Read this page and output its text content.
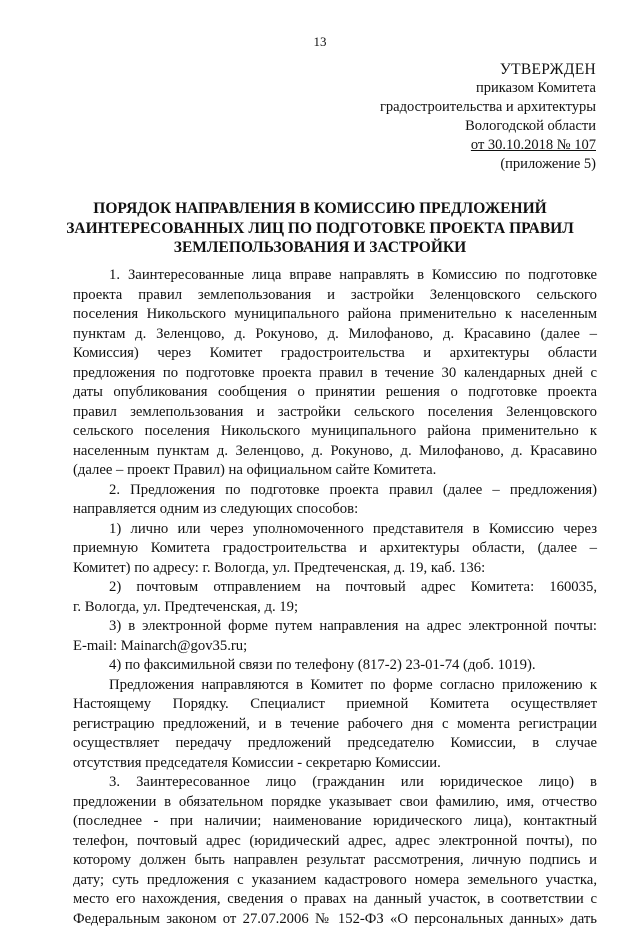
13
УТВЕРЖДЕН
приказом Комитета
градостроительства и архитектуры
Вологодской области
от 30.10.2018 № 107
(приложение 5)
ПОРЯДОК НАПРАВЛЕНИЯ В КОМИССИЮ ПРЕДЛОЖЕНИЙ
ЗАИНТЕРЕСОВАННЫХ ЛИЦ ПО ПОДГОТОВКЕ ПРОЕКТА ПРАВИЛ
ЗЕМЛЕПОЛЬЗОВАНИЯ И ЗАСТРОЙКИ

1. Заинтересованные лица вправе направлять в Комиссию по подготовке

проекта правил землепользования и застройки Зеленцовского сельского

поселения Никольского муниципального района применительно к населенным

пунктам д. Зеленцово, д. Рокуново, д. Милофаново, д. Красавино (далее –

Комиссия) через Комитет градостроительства и архитектуры области

предложения по подготовке проекта правил в течение 30 календарных дней с

даты опубликования сообщения о принятии решения о подготовке проекта

правил землепользования и застройки сельского поселения Зеленцовского

сельского поселения Никольского муниципального района применительно к

населенным пунктам д. Зеленцово, д. Рокуново, д. Милофаново, д. Красавино

(далее – проект Правил) на официальном сайте Комитета.

2. Предложения по подготовке проекта правил (далее – предложения)

направляется одним из следующих способов:

1) лично или через уполномоченного представителя в Комиссию через

приемную Комитета градостроительства и архитектуры области, (далее –

Комитет) по адресу: г. Вологда, ул. Предтеченская, д. 19, каб. 136:

2) почтовым отправлением на почтовый адрес Комитета: 160035,

г. Вологда, ул. Предтеченская, д. 19;

3) в электронной форме путем направления на адрес электронной почты:

E-mail: Mainarch@gov35.ru;

4) по факсимильной связи по телефону (817-2) 23-01-74 (доб. 1019).

Предложения направляются в Комитет по форме согласно приложению к

Настоящему Порядку. Специалист приемной Комитета осуществляет

регистрацию предложений, и в течение рабочего дня с момента регистрации

осуществляет передачу предложений председателю Комиссии, в случае

отсутствия председателя Комиссии - секретарю Комиссии.

3. Заинтересованное лицо (гражданин или юридическое лицо) в

предложении в обязательном порядке указывает свои фамилию, имя, отчество

(последнее - при наличии; наименование юридического лица), контактный

телефон, почтовый адрес (юридический адрес, адрес электронной почты), по

которому должен быть направлен результат рассмотрения, личную подпись и

дату; суть предложения с указанием кадастрового номера земельного участка,

место его нахождения, сведения о правах на данный участок, в соответствии с

Федеральным законом от 27.07.2006 № 152-ФЗ «О персональных данных» дать
